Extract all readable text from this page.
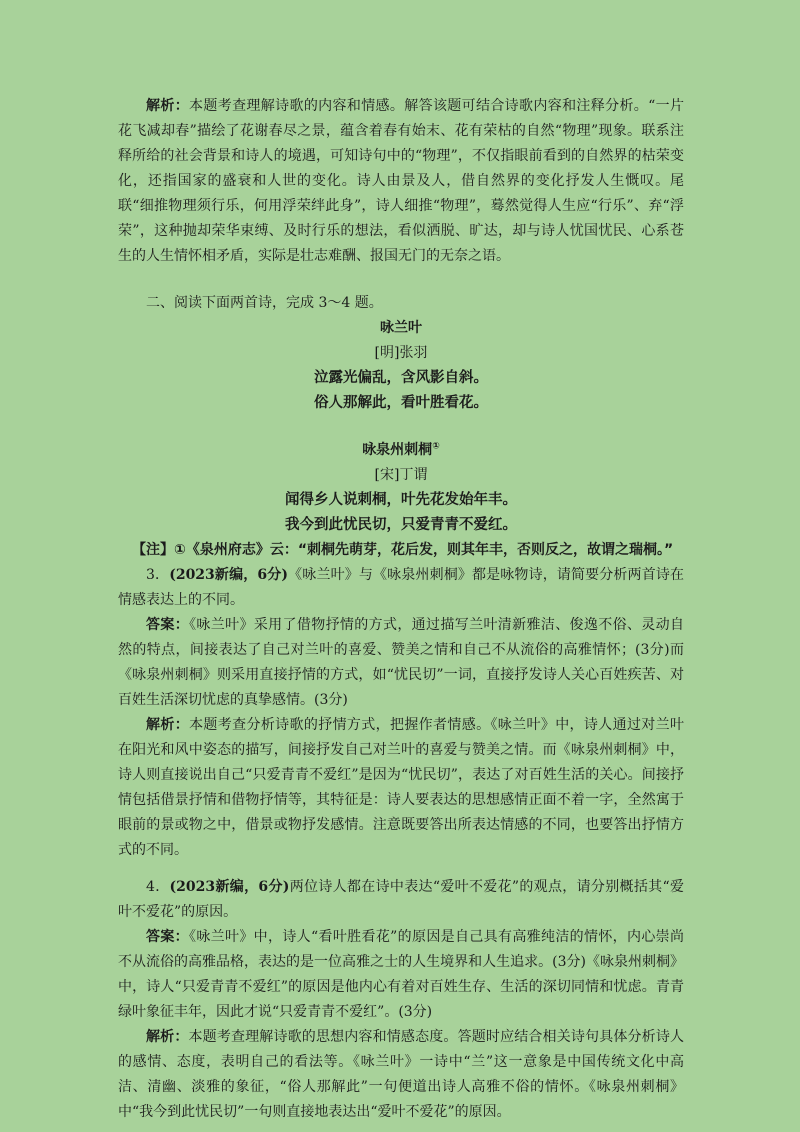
解析：本题考查理解诗歌的内容和情感。解答该题可结合诗歌内容和注释分析。“一片花飞减却春”描绘了花谢春尽之景，蕴含着春有始末、花有荣枯的自然“物理”现象。联系注释所给的社会背景和诗人的境遇，可知诗句中的“物理”，不仅指眼前看到的自然界的枯荣变化，还指国家的盛衰和人世的变化。诗人由景及人，借自然界的变化抒发人生慨叹。尾联“细推物理须行乐，何用浮荣绊此身”，诗人细推“物理”，蓦然觉得人生应“行乐”、弃“浮荣”，这种抛却荣华束缚、及时行乐的想法，看似洒脱、旷达，却与诗人忧国忧民、心系苍生的人生情怀相矛盾，实际是壮志难酬、报国无门的无奈之语。

二、阅读下面两首诗，完成 3～4 题。

咏兰叶

[明]张羽

泣露光偏乱，含风影自斜。

俗人那解此，看叶胜看花。

咏泉州刺桐①

[宋]丁谓

闻得乡人说刺桐，叶先花发始年丰。

我今到此忧民切，只爱青青不爱红。

【注】①《泉州府志》云：“刺桐先萌芽，花后发，则其年丰，否则反之，故谓之瑞桐。”

3．(2023新编，6分)《咏兰叶》与《咏泉州刺桐》都是咏物诗，请简要分析两首诗在情感表达上的不同。

答案：《咏兰叶》采用了借物抒情的方式，通过描写兰叶清新雅洁、俊逸不俗、灵动自然的特点，间接表达了自己对兰叶的喜爱、赞美之情和自己不从流俗的高雅情怀；(3分)而《咏泉州刺桐》则采用直接抒情的方式，如“忧民切”一词，直接抒发诗人关心百姓疾苦、对百姓生活深切忧虑的真挚感情。(3分)

解析：本题考查分析诗歌的抒情方式，把握作者情感。《咏兰叶》中，诗人通过对兰叶在阳光和风中姿态的描写，间接抒发自己对兰叶的喜爱与赞美之情。而《咏泉州刺桐》中，诗人则直接说出自己“只爱青青不爱红”是因为“忧民切”，表达了对百姓生活的关心。间接抒情包括借景抒情和借物抒情等，其特征是：诗人要表达的思想感情正面不着一字，全然寓于眼前的景或物之中，借景或物抒发感情。注意既要答出所表达情感的不同，也要答出抒情方式的不同。

4．(2023新编，6分)两位诗人都在诗中表达“爱叶不爱花”的观点，请分别概括其“爱叶不爱花”的原因。

答案：《咏兰叶》中，诗人“看叶胜看花”的原因是自己具有高雅纯洁的情怀，内心崇尚不从流俗的高雅品格，表达的是一位高雅之士的人生境界和人生追求。(3分)《咏泉州刺桐》中，诗人“只爱青青不爱红”的原因是他内心有着对百姓生存、生活的深切同情和忧虑。青青绿叶象征丰年，因此才说“只爱青青不爱红”。(3分)

解析：本题考查理解诗歌的思想内容和情感态度。答题时应结合相关诗句具体分析诗人的感情、态度，表明自己的看法等。《咏兰叶》一诗中“兰”这一意象是中国传统文化中高洁、清幽、淡雅的象征，“俗人那解此”一句便道出诗人高雅不俗的情怀。《咏泉州刺桐》中“我今到此忧民切”一句则直接地表达出“爱叶不爱花”的原因。
